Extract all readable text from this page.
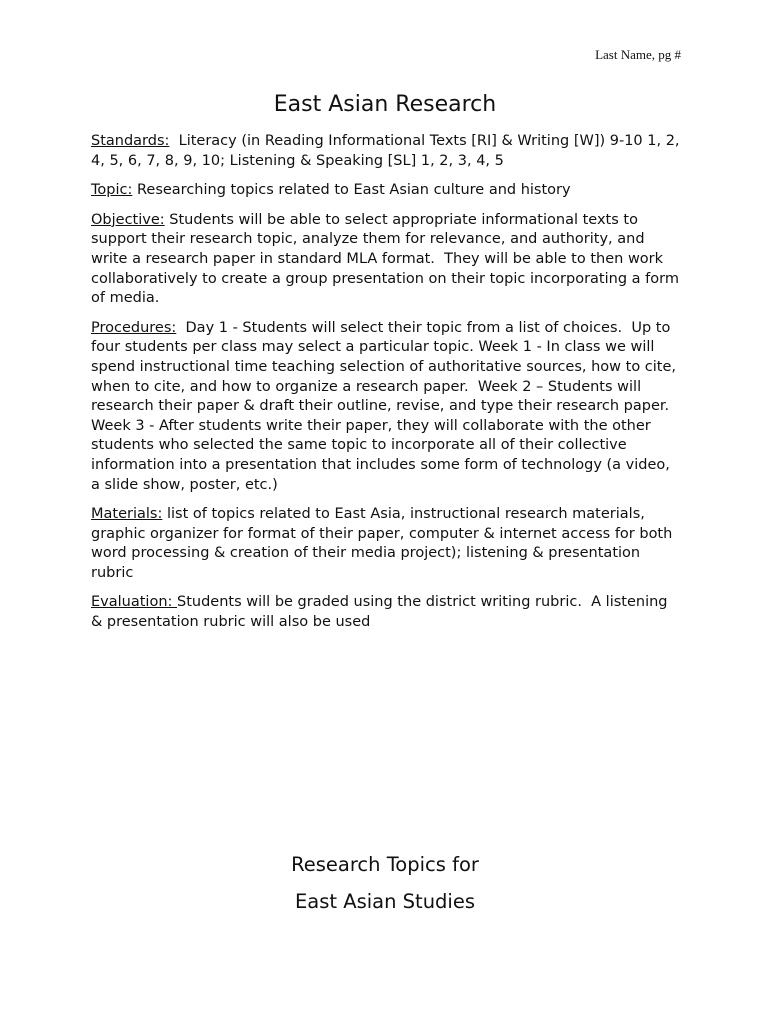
Last Name, pg #
East Asian Research

Standards:  Literacy (in Reading Informational Texts [RI] & Writing [W]) 9-10 1, 2, 4, 5, 6, 7, 8, 9, 10; Listening & Speaking [SL] 1, 2, 3, 4, 5

Topic: Researching topics related to East Asian culture and history

Objective: Students will be able to select appropriate informational texts to support their research topic, analyze them for relevance, and authority, and write a research paper in standard MLA format.  They will be able to then work collaboratively to create a group presentation on their topic incorporating a form of media.

Procedures:  Day 1 - Students will select their topic from a list of choices.  Up to four students per class may select a particular topic. Week 1 - In class we will spend instructional time teaching selection of authoritative sources, how to cite, when to cite, and how to organize a research paper.  Week 2 – Students will research their paper & draft their outline, revise, and type their research paper.  Week 3 - After students write their paper, they will collaborate with the other students who selected the same topic to incorporate all of their collective information into a presentation that includes some form of technology (a video, a slide show, poster, etc.)

Materials: list of topics related to East Asia, instructional research materials, graphic organizer for format of their paper, computer & internet access for both word processing & creation of their media project); listening & presentation rubric

Evaluation: Students will be graded using the district writing rubric.  A listening & presentation rubric will also be used

Research Topics for
East Asian Studies
